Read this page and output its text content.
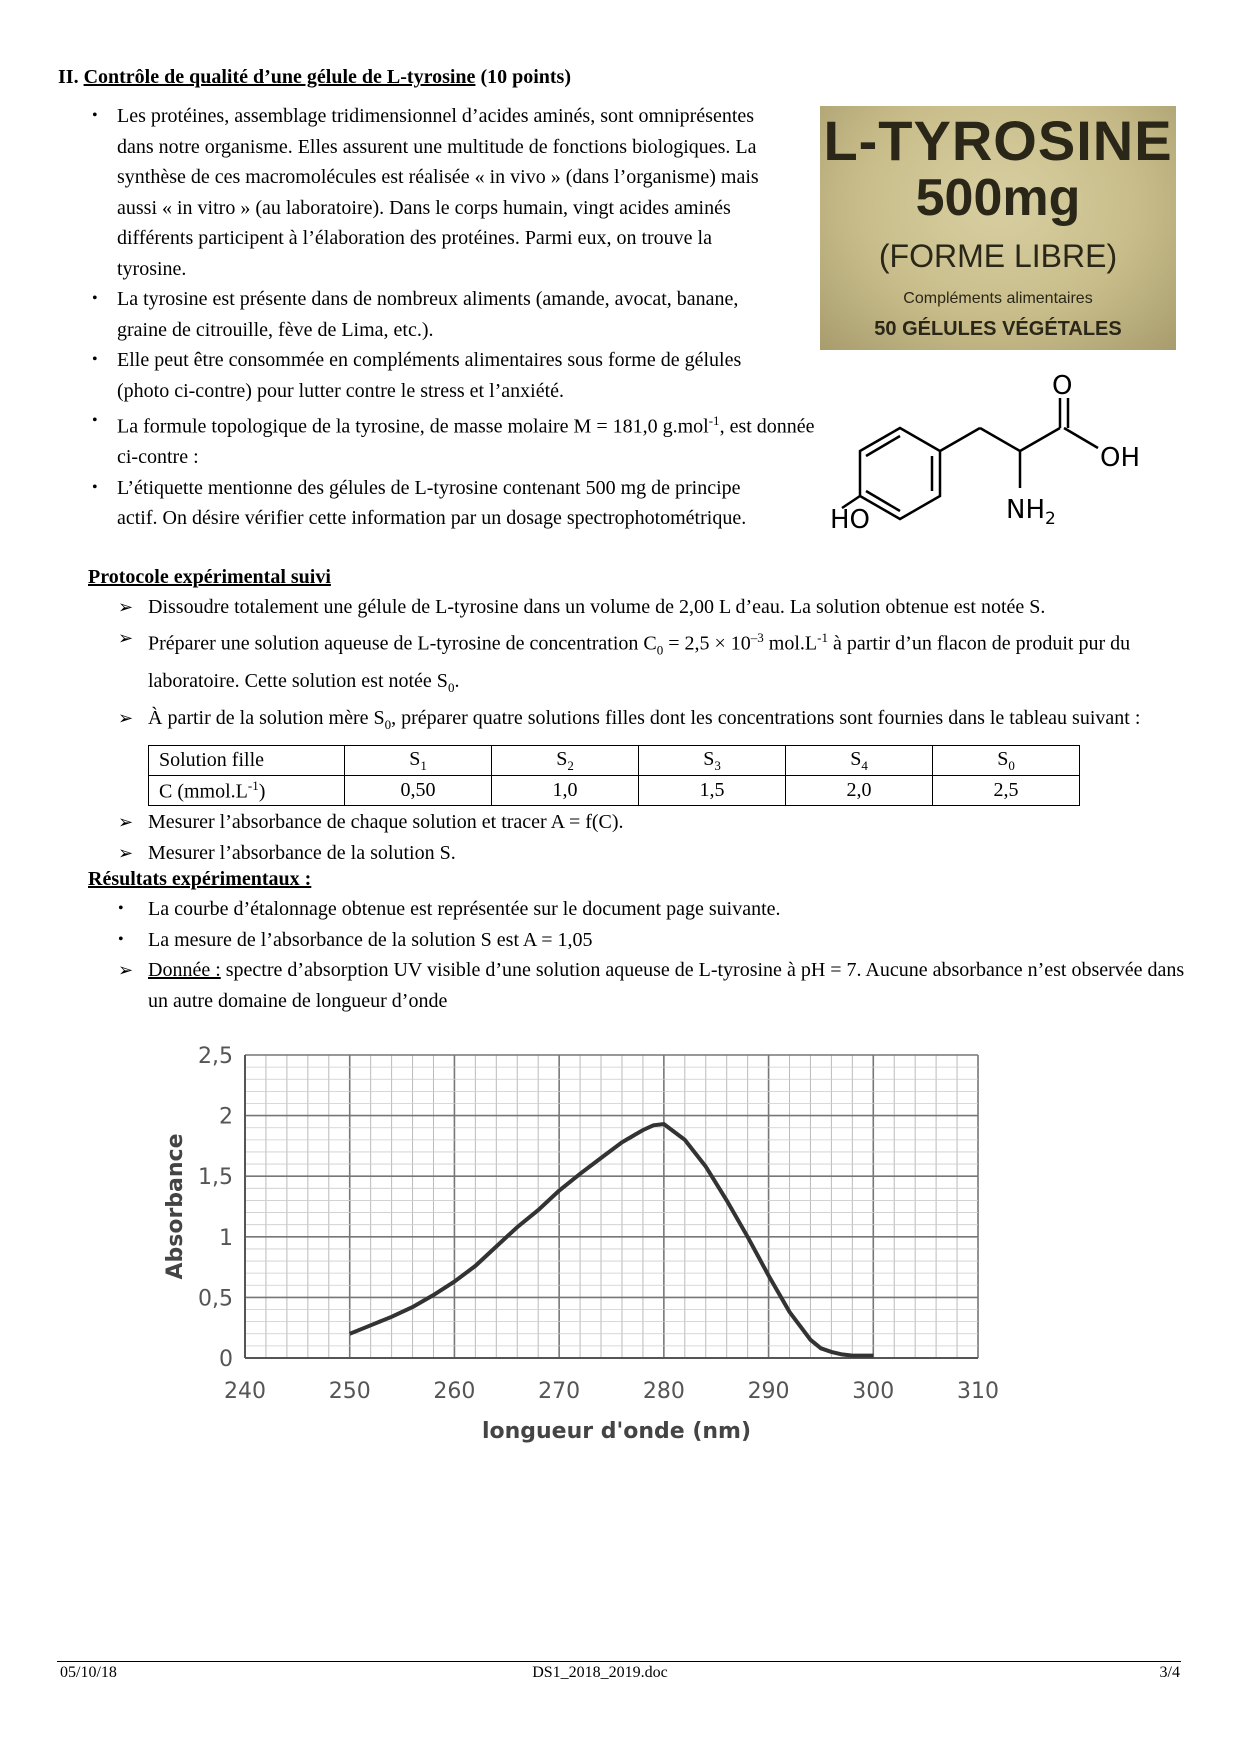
II. Contrôle de qualité d’une gélule de L-tyrosine (10 points)
• Les protéines, assemblage tridimensionnel d’acides aminés, sont omniprésentes dans notre organisme. Elles assurent une multitude de fonctions biologiques. La synthèse de ces macromolécules est réalisée « in vivo » (dans l’organisme) mais aussi « in vitro » (au laboratoire). Dans le corps humain, vingt acides aminés différents participent à l’élaboration des protéines. Parmi eux, on trouve la tyrosine.
• La tyrosine est présente dans de nombreux aliments (amande, avocat, banane, graine de citrouille, fève de Lima, etc.).
• Elle peut être consommée en compléments alimentaires sous forme de gélules (photo ci-contre) pour lutter contre le stress et l’anxiété.
• La formule topologique de la tyrosine, de masse molaire M = 181,0 g.mol$^{-1}$, est donnée ci-contre :
• L’étiquette mentionne des gélules de L-tyrosine contenant 500 mg de principe actif. On désire vérifier cette information par un dosage spectrophotométrique.
L-TYROSINE
500mg
(FORME LIBRE)
Compléments alimentaires
50 GÉLULES VÉGÉTALES
O
OH
$NH_2$
HO
Protocole expérimental suivi
➢ Dissoudre totalement une gélule de L-tyrosine dans un volume de 2,00 L d’eau. La solution obtenue est notée S.
➢ Préparer une solution aqueuse de L-tyrosine de concentration $C_0 = 2,5 \times 10^{-3}$ $mol.L^{-1}$ à partir d’un flacon de produit pur du laboratoire. Cette solution est notée $S_0$.
➢ À partir de la solution mère $S_0$, préparer quatre solutions filles dont les concentrations sont fournies dans le tableau suivant :
Solution fille	$S_1$	$S_2$	$S_3$	$S_4$	$S_0$
C $(mmol.L^{-1})$	0,50	1,0	1,5	2,0	2,5
➢ Mesurer l’absorbance de chaque solution et tracer A = f(C).
➢ Mesurer l’absorbance de la solution S.
Résultats expérimentaux :
• La courbe d’étalonnage obtenue est représentée sur le document page suivante.
• La mesure de l’absorbance de la solution S est A = 1,05
➢ Donnée : spectre d’absorption UV visible d’une solution aqueuse de L-tyrosine à pH = 7. Aucune absorbance n’est observée dans un autre domaine de longueur d’onde
240	250	260	270	280	290	300	310
0
0,5
1
1,5
2
2,5
longueur d'onde (nm)
Absorbance
05/10/18	DS1_2018_2019.doc	3/4
